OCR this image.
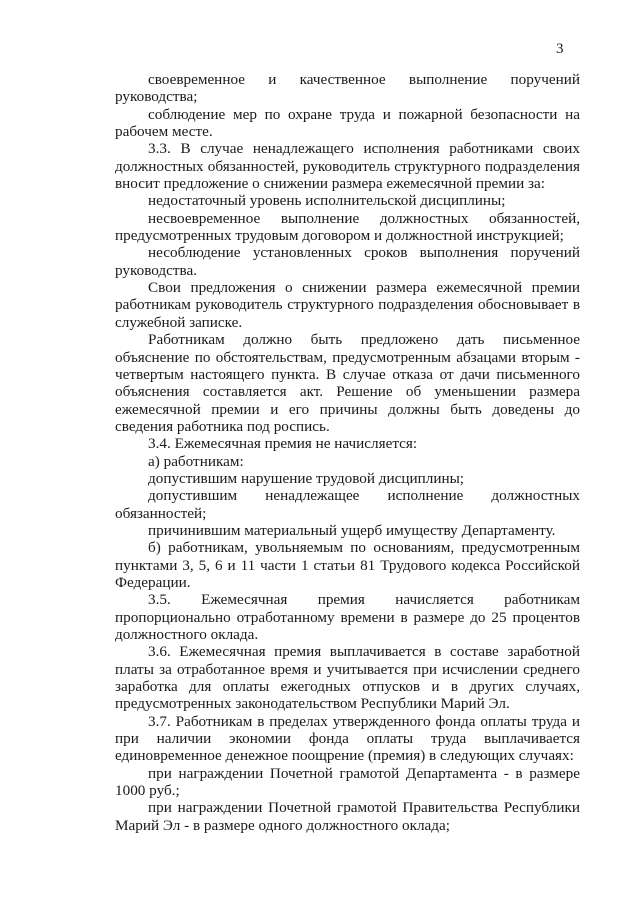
3

своевременное и качественное выполнение поручений руководства;

соблюдение мер по охране труда и пожарной безопасности на рабочем месте.

3.3. В случае ненадлежащего исполнения работниками своих должностных обязанностей, руководитель структурного подразделения вносит предложение о снижении размера ежемесячной премии за:

недостаточный уровень исполнительской дисциплины;

несвоевременное выполнение должностных обязанностей, предусмотренных трудовым договором и должностной инструкцией;

несоблюдение установленных сроков выполнения поручений руководства.

Свои предложения о снижении размера ежемесячной премии работникам руководитель структурного подразделения обосновывает в служебной записке.

Работникам должно быть предложено дать письменное объяснение по обстоятельствам, предусмотренным абзацами вторым - четвертым настоящего пункта. В случае отказа от дачи письменного объяснения составляется акт. Решение об уменьшении размера ежемесячной премии и его причины должны быть доведены до сведения работника под роспись.

3.4. Ежемесячная премия не начисляется:

а) работникам:

допустившим нарушение трудовой дисциплины;

допустившим ненадлежащее исполнение должностных обязанностей;

причинившим материальный ущерб имуществу Департаменту.

б) работникам, увольняемым по основаниям, предусмотренным пунктами 3, 5, 6 и 11 части 1 статьи 81 Трудового кодекса Российской Федерации.

3.5. Ежемесячная премия начисляется работникам пропорционально отработанному времени в размере до 25 процентов должностного оклада.

3.6. Ежемесячная премия выплачивается в составе заработной платы за отработанное время и учитывается при исчислении среднего заработка для оплаты ежегодных отпусков и в других случаях, предусмотренных законодательством Республики Марий Эл.

3.7. Работникам в пределах утвержденного фонда оплаты труда и при наличии экономии фонда оплаты труда выплачивается единовременное денежное поощрение (премия) в следующих случаях:

при награждении Почетной грамотой Департамента - в размере 1000 руб.;

при награждении Почетной грамотой Правительства Республики Марий Эл - в размере одного должностного оклада;
